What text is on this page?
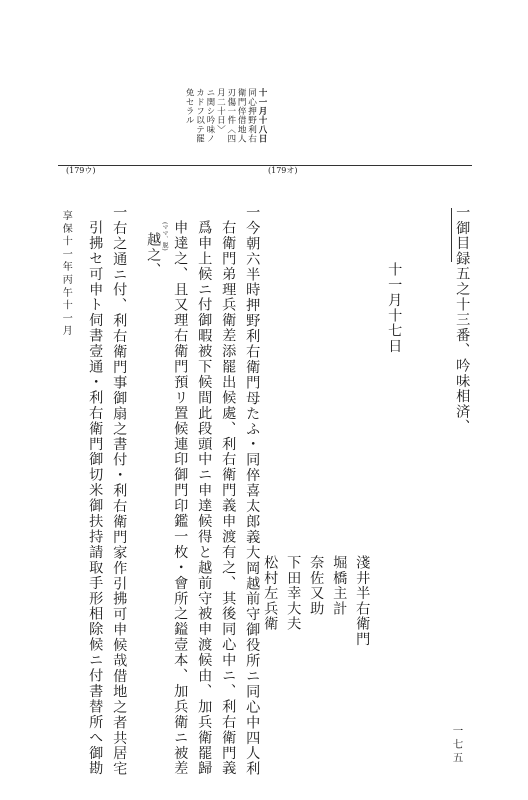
十一月十八日
同心押野利右
衛門倅借地人
刃傷一件〈四
月二十日〉
ニ関シ吟味ノ
カドフ以テ罷
免セラル
(179ウ)	(179オ)
一御目録五之十三番、吟味相済、
十一月十七日
淺井半右衛門
堀橋主計
奈佐又助
下田幸大夫
松村左兵衛
一今朝六半時押野利右衛門母たふ・同倅喜太郎義大岡越前守御役所ニ同心中四人利
右衛門弟理兵衛差添罷出候處、利右衛門義申渡有之、其後同心中ニ、利右衛門義
爲申上候ニ付御暇被下候間此段頭中ニ申達候得と越前守被申渡候由、加兵衛罷歸
申達之、且又理右衛門預リ置候連印御門印鑑一枚・會所之鎰壹本、加兵衛ニ被差
(ママ、脱)
越之、
一右之通ニ付、利右衛門事御扇之書付・利右衛門家作引拂可申候哉借地之者共居宅
引拂セ可申ト伺書壹通・利右衛門御切米御扶持請取手形相除候ニ付書替所へ御勘
享保十一年丙午十一月
一七五
